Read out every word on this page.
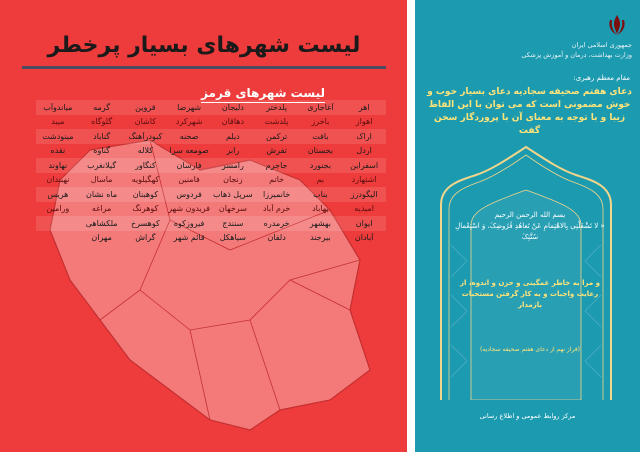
لیست شهرهای بسیار پرخطر
لیست شهرهای قرمز
اهر
آغاجاری
پلدختر
دلیجان
شهرضا
قزوین
گرمه
میاندوآب
اهواز
باخرز
پلدشت
دهاقان
شهرکرد
کاشان
گلوگاه
میبد
اراک
بافت
ترکمن
دیلم
صحنه
کبودرآهنگ
گناباد
مینودشت
اردل
بجستان
تفرش
رابر
صومعه سرا
کلاله
گناوه
نقده
اسفراین
بجنورد
جاجرم
رامسر
فارسان
کنگاور
گیلانغرب
نهاوند
اشتهارد
بم
خاتم
زنجان
فامنین
کهگیلویه
ماسال
نهبندان
الیگودرز
بناب
خانمیرزا
سرپل ذهاب
فردوس
کوهبنان
ماه نشان
هریس
امیدیه
بهاباد
خرم آباد
سرخهان
فریدون شهر
کوهرنگ
مراغه
ورامین
ایوان
بهشهر
خرمدره
سنندج
فیروزکوه
کوهسرخ
ملکشاهی
آبادان
بیرجند
دلفان
سیاهکل
قائم شهر
گراش
مهران
جمهوری اسلامی ایران
وزارت بهداشت، درمان و آموزش پزشکی
مقام معظم رهبری:
دعای هفتم صحیفه سجادیه دعای بسیار خوب و خوش مضمونی است که می توان با این الفاظ زیبا و با توجه به معنای آن با پروردگار سخن گفت
بسم الله الرحمن الرحیم
« لا تَشْغَلْنِی بِالاهْتِمامِ عَنْ تَعاهُدِ فُرُوضِکَ، وَ اسْتِعْمالِ سُنَّتِکَ
و مرا به خاطر غمگینی و حزن و اندوه، از رعایت واجبات و به کار گرفتن مستحبات بازمدار
(فراز نهم از دعای هفتم صحیفه سجادیه)
مرکز روابط عمومی و اطلاع رسانی
